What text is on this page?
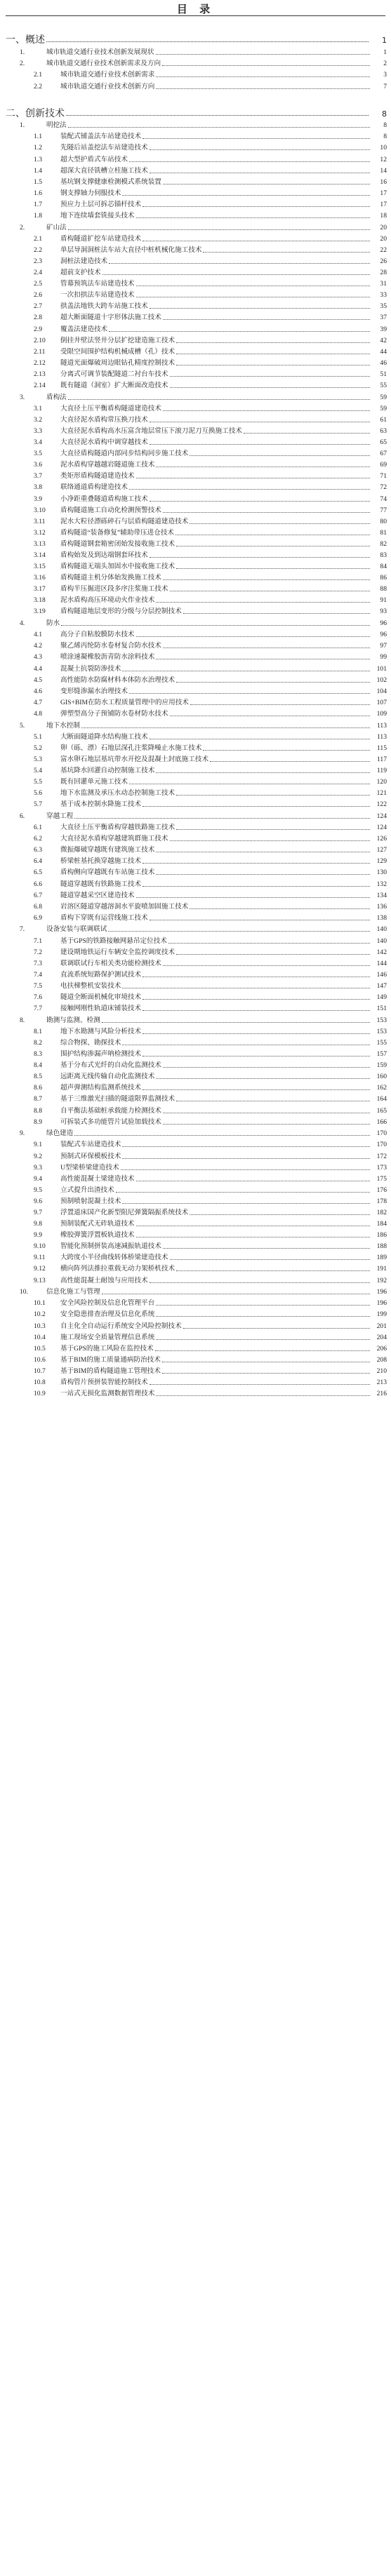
目 录
一、 概述	1
1.	城市轨道交通行业技术创新发展现状	1
2.	城市轨道交通行业技术创新需求及方向	2
2.1	城市轨道交通行业技术创新需求	3
2.2	城市轨道交通行业技术创新方向	7
二、 创新技术	8
1.	明挖法	8
1.1	装配式铺盖法车站建造技术	8
1.2	先隧后站盖挖法车站建造技术	10
1.3	超大型护盾式车站技术	12
1.4	超深大直径铣槽立柱施工技术	14
1.5	基坑钢支撑健康检测模式系统装置	16
1.6	钢支撑轴力伺服技术	17
1.7	预应力土层可拆芯锚杆技术	17
1.8	地下连续墙套铣接头技术	18
2.	矿山法	20
2.1	盾构隧道扩挖车站建造技术	20
2.2	单层导洞洞桩法车站大直径中桩机械化施工技术	22
2.3	洞桩法建造技术	26
2.4	超前支护技术	28
2.5	管幕预筑法车站建造技术	31
2.6	一次扣拱法车站建造技术	33
2.7	拱盖法地铁大跨车站施工技术	35
2.8	超大断面隧道十字形体法施工技术	37
2.9	覆盖法建造技术	39
2.10	倒挂井壁法竖井分层扩挖建造施工技术	42
2.11	受限空间围护结构机械成槽（孔）技术	44
2.12	隧道光面爆破周边眼钻孔精度控制技术	46
2.13	分离式可调节装配隧道二衬台车技术	51
2.14	既有隧道（洞室）扩大断面改造技术	55
3.	盾构法	59
3.1	大直径土压平衡盾构隧道建造技术	59
3.2	大直径泥水盾构常压换刀技术	61
3.3	大直径泥水盾构高水压富含地层常压下滚刀泥刀互换施工技术	63
3.4	大直径泥水盾构中调穿越技术	65
3.5	大直径盾构隧道内部同步结构同步施工技术	67
3.6	泥水盾构穿越越岩隧道施工技术	69
3.7	类矩形盾构隧道建造技术	71
3.8	联络通道盾构建造技术	72
3.9	小净距重叠隧道盾构施工技术	74
3.10	盾构隧道施工自动化检测预警技术	77
3.11	泥水大粒径漂砾碎石与层盾构隧道建造技术	80
3.12	盾构隧道“装备修复”辅助带压进仓技术	81
3.13	盾构隧道钢套箱密闭始发接收施工技术	82
3.14	盾构始发及到达端钢套环技术	83
3.15	盾构隧道无端头加固水中接收施工技术	84
3.16	盾构隧道主机分体始发换施工技术	86
3.17	盾构半压掘进区段多序注浆施工技术	88
3.18	泥水盾构高压环境动火作业技术	91
3.19	盾构隧道地层变形的分级与分层控制技术	93
4.	防水	96
4.1	高分子自粘胶膜防水技术	96
4.2	聚乙烯丙纶防水卷材复合防水技术	97
4.3	喷涂速凝橡胶沥青防水涂料技术	99
4.4	混凝土抗裂防渗技术	101
4.5	高性能防水防腐材料本体防水治理技术	102
4.6	变形缝渗漏水治理技术	104
4.7	GIS+BIM在防水工程质量管理中的应用技术	107
4.8	弹塑型高分子预铺防水卷材防水技术	109
5.	地下水控制	113
5.1	大断面隧道降水结构施工技术	113
5.2	卵（砾、漂）石地层深孔注浆降噪止水施工技术	115
5.3	富水卵石地层基坑带水开挖及混凝土封底施工技术	117
5.4	基坑降水回灌自动控制施工技术	119
5.5	既有回灌单元施工技术	120
5.6	地下水监测及承压水动态控制施工技术	121
5.7	基于成本控制水降施工技术	122
6.	穿越工程	124
6.1	大直径土压平衡盾构穿越铁路施工技术	124
6.2	大直径泥水盾构穿越建筑群施工技术	126
6.3	微振爆破穿越既有建筑施工技术	127
6.4	桥梁桩基托换穿越施工技术	129
6.5	盾构侧向穿越既有车站施工技术	130
6.6	隧道穿越既有铁路施工技术	132
6.7	隧道穿越采空区建造技术	134
6.8	岩溶区隧道穿越溶洞水平旋喷加固施工技术	136
6.9	盾构下穿既有运营线施工技术	138
7.	设备安装与联调联试	140
7.1	基于GPS的铁路接触网悬吊定位技术	140
7.2	建设期地铁运行车辆安全监控调度技术	142
7.3	联调联试行车相关类功能检测技术	144
7.4	直流系统短路保护测试技术	146
7.5	电扶梯整机安装技术	147
7.6	隧道全断面机械化审境技术	149
7.7	接触网刚性轨道床铺装技术	151
8.	勘测与监测、检测	153
8.1	地下水勘测与风险分析技术	153
8.2	综合物探、勘探技术	155
8.3	围护结构渗漏声呐检测技术	157
8.4	基于分布式光纤的自动化监测技术	159
8.5	远距离无线传输自动化监测技术	160
8.6	超声弹测结构监测系统技术	162
8.7	基于三维激光扫描的隧道限界监测技术	164
8.8	自平衡法基础桩承载能力检测技术	165
8.9	可拆装式多功能管片试验加载技术	166
9.	绿色建造	170
9.1	装配式车站建造技术	170
9.2	预制式环保模板技术	172
9.3	U型梁桥梁建造技术	173
9.4	高性能混凝土梁建造技术	175
9.5	立式提升出渣技术	176
9.6	预制喷射混凝土技术	178
9.7	浮置道床国产化新型阻尼弹簧隔振系统技术	182
9.8	预制装配式无砟轨道技术	184
9.9	橡胶弹簧浮置板轨道技术	186
9.10	智能化预制拼装高速减振轨道技术	188
9.11	大跨度小半径曲线转体桥梁建造技术	189
9.12	横向阵列法推拉重载无动力架桥机技术	191
9.13	高性能混凝土耐蚀与应用技术	192
10.	信息化施工与管理	196
10.1	安全风险控制及信息化管理平台	196
10.2	安全隐患排查治理及信息化系统	199
10.3	自主化全自动运行系统安全风险控制技术	201
10.4	施工现场安全质量管理信息系统	204
10.5	基于GPS的施工风险在监控技术	206
10.6	基于BIM的施工质量通病防治技术	208
10.7	基于BIM的盾构隧道施工管理技术	210
10.8	盾构管片预拼装智能控制技术	213
10.9	一站式无损化监测数据管理技术	216
